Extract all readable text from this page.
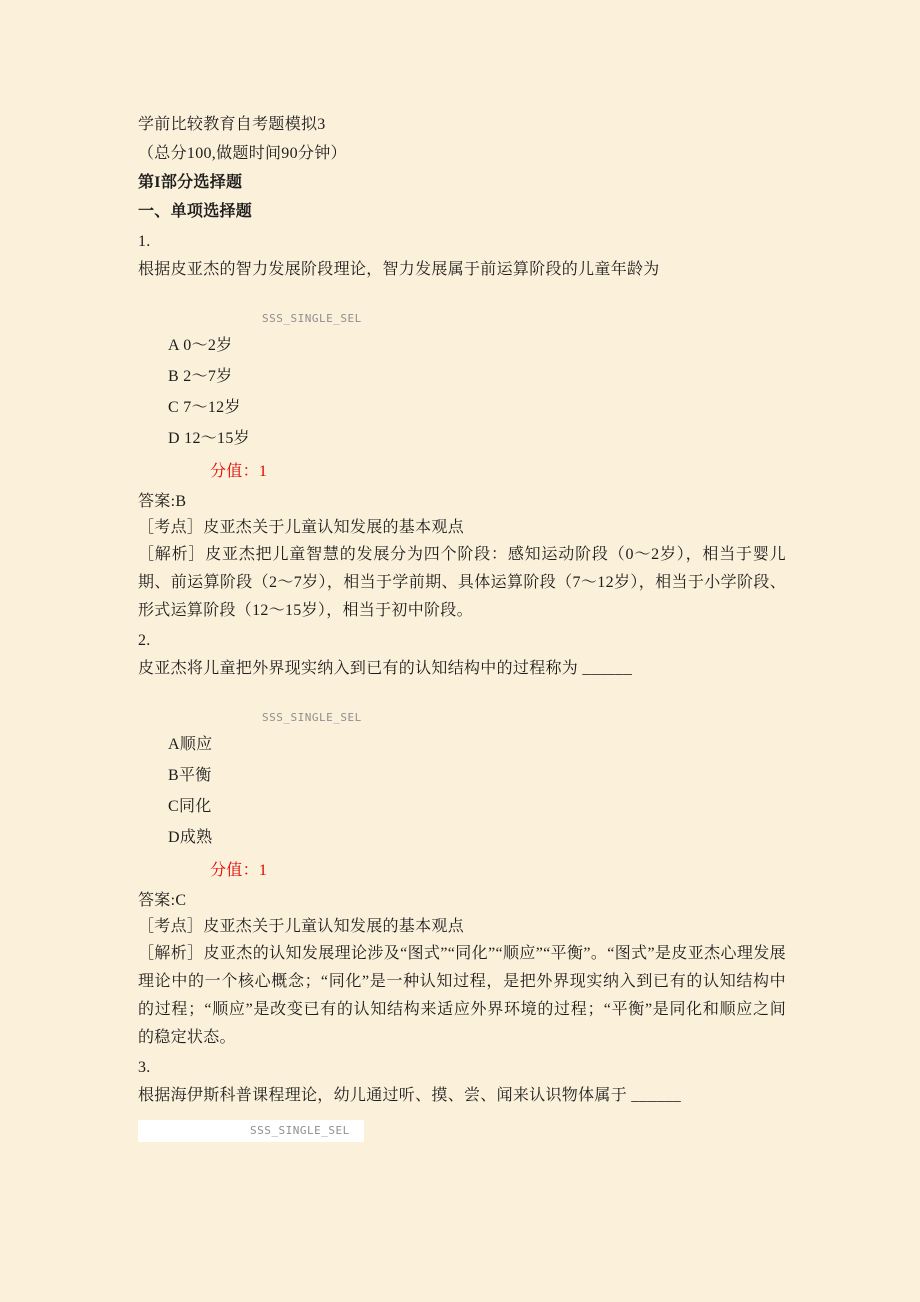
学前比较教育自考题模拟3
（总分100,做题时间90分钟）
第I部分选择题
一、单项选择题
1.
根据皮亚杰的智力发展阶段理论，智力发展属于前运算阶段的儿童年龄为
SSS_SINGLE_SEL
A 0〜2岁
B 2〜7岁
C 7〜12岁
D 12〜15岁
分值：1
答案:B
［考点］皮亚杰关于儿童认知发展的基本观点
［解析］皮亚杰把儿童智慧的发展分为四个阶段：感知运动阶段（0〜2岁），相当于婴儿期、前运算阶段（2〜7岁），相当于学前期、具体运算阶段（7〜12岁），相当于小学阶段、形式运算阶段（12〜15岁），相当于初中阶段。
2.
皮亚杰将儿童把外界现实纳入到已有的认知结构中的过程称为 ______
SSS_SINGLE_SEL
A顺应
B平衡
C同化
D成熟
分值：1
答案:C
［考点］皮亚杰关于儿童认知发展的基本观点
［解析］皮亚杰的认知发展理论涉及“图式”“同化”“顺应”“平衡”。“图式”是皮亚杰心理发展理论中的一个核心概念；“同化”是一种认知过程，是把外界现实纳入到已有的认知结构中的过程；“顺应”是改变已有的认知结构来适应外界环境的过程；“平衡”是同化和顺应之间的稳定状态。
3.
根据海伊斯科普课程理论，幼儿通过听、摸、尝、闻来认识物体属于 ______
SSS_SINGLE_SEL
